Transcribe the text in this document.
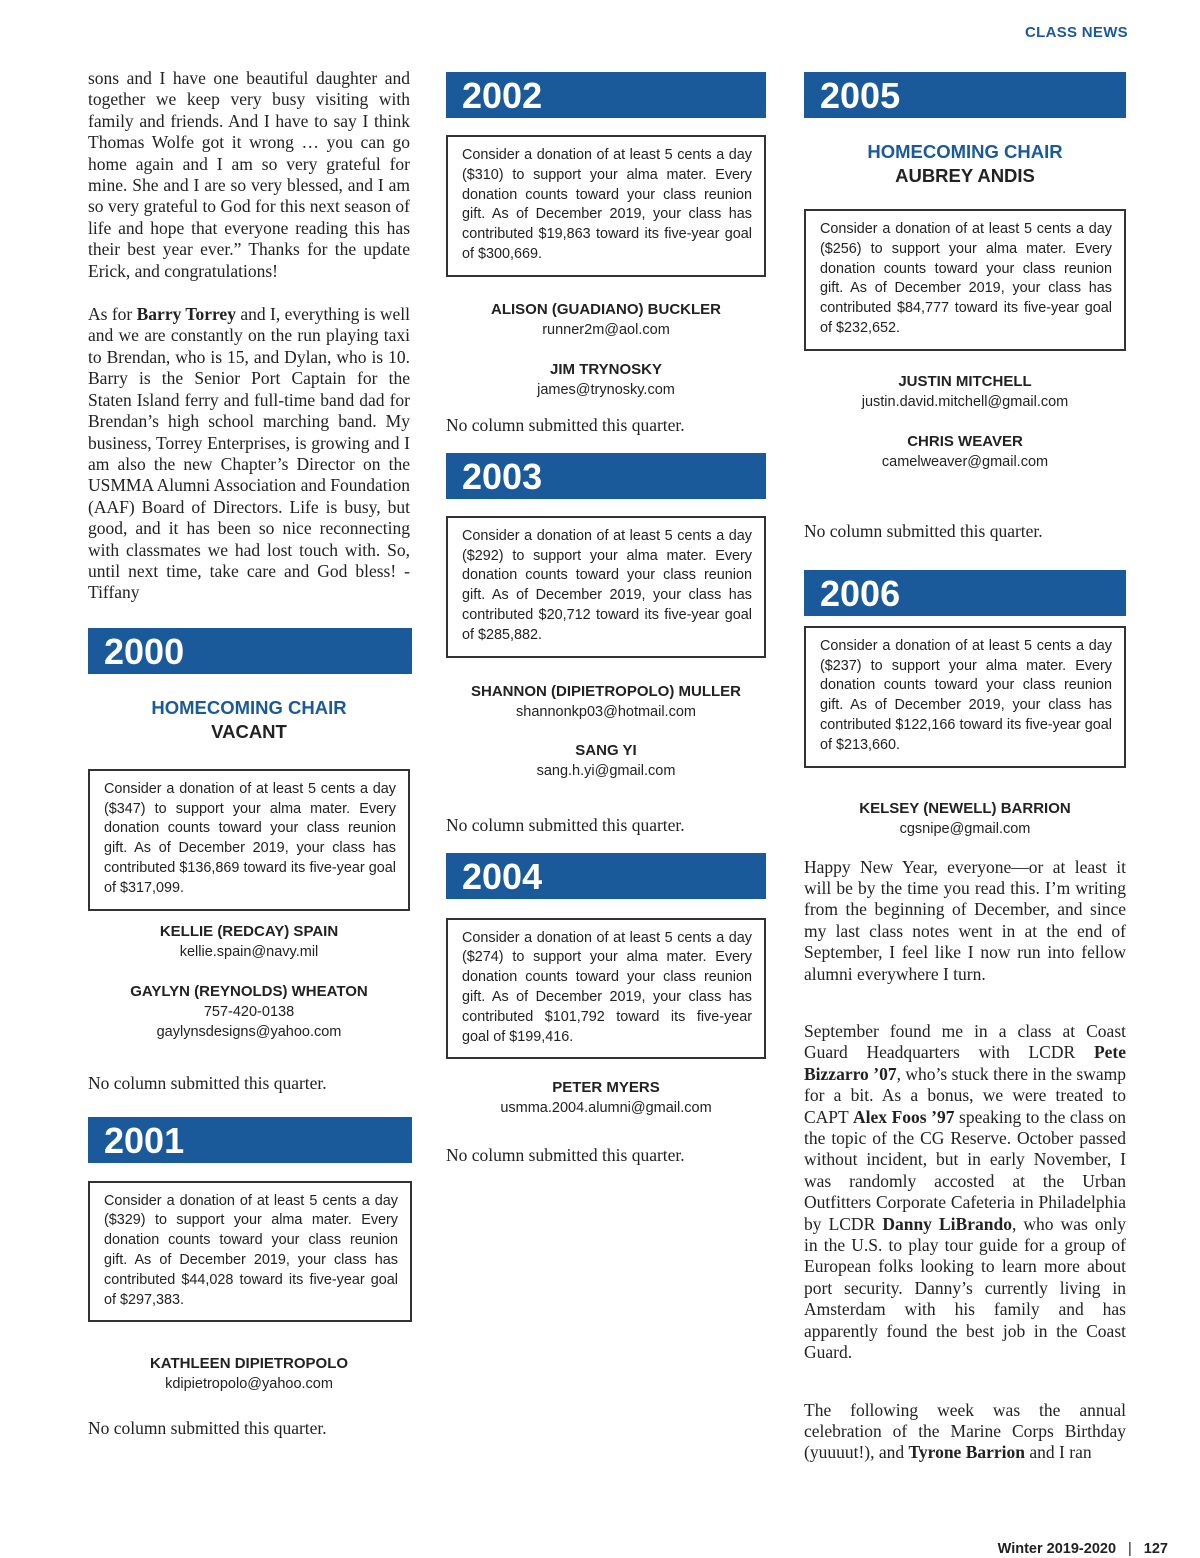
CLASS NEWS

sons and I have one beautiful daughter and together we keep very busy visiting with family and friends. And I have to say I think Thomas Wolfe got it wrong … you can go home again and I am so very grateful for mine. She and I are so very blessed, and I am so very grateful to God for this next season of life and hope that everyone reading this has their best year ever.” Thanks for the update Erick, and congratulations!

As for Barry Torrey and I, everything is well and we are constantly on the run playing taxi to Brendan, who is 15, and Dylan, who is 10. Barry is the Senior Port Captain for the Staten Island ferry and full-time band dad for Brendan’s high school marching band. My business, Torrey Enterprises, is growing and I am also the new Chapter’s Director on the USMMA Alumni Association and Foundation (AAF) Board of Directors. Life is busy, but good, and it has been so nice reconnecting with classmates we had lost touch with. So, until next time, take care and God bless! -Tiffany

2000
HOMECOMING CHAIR
VACANT
Consider a donation of at least 5 cents a day ($347) to support your alma mater. Every donation counts toward your class reunion gift. As of December 2019, your class has contributed $136,869 toward its five-year goal of $317,099.
KELLIE (REDCAY) SPAIN
kellie.spain@navy.mil
GAYLYN (REYNOLDS) WHEATON
757-420-0138
gaylynsdesigns@yahoo.com

No column submitted this quarter.

2001
Consider a donation of at least 5 cents a day ($329) to support your alma mater. Every donation counts toward your class reunion gift. As of December 2019, your class has contributed $44,028 toward its five-year goal of $297,383.
KATHLEEN DIPIETROPOLO
kdipietropolo@yahoo.com

No column submitted this quarter.

2002
Consider a donation of at least 5 cents a day ($310) to support your alma mater. Every donation counts toward your class reunion gift. As of December 2019, your class has contributed $19,863 toward its five-year goal of $300,669.
ALISON (GUADIANO) BUCKLER
runner2m@aol.com
JIM TRYNOSKY
james@trynosky.com

No column submitted this quarter.

2003
Consider a donation of at least 5 cents a day ($292) to support your alma mater. Every donation counts toward your class reunion gift. As of December 2019, your class has contributed $20,712 toward its five-year goal of $285,882.
SHANNON (DIPIETROPOLO) MULLER
shannonkp03@hotmail.com
SANG YI
sang.h.yi@gmail.com

No column submitted this quarter.

2004
Consider a donation of at least 5 cents a day ($274) to support your alma mater. Every donation counts toward your class reunion gift. As of December 2019, your class has contributed $101,792 toward its five-year goal of $199,416.
PETER MYERS
usmma.2004.alumni@gmail.com

No column submitted this quarter.

2005
HOMECOMING CHAIR
AUBREY ANDIS
Consider a donation of at least 5 cents a day ($256) to support your alma mater. Every donation counts toward your class reunion gift. As of December 2019, your class has contributed $84,777 toward its five-year goal of $232,652.
JUSTIN MITCHELL
justin.david.mitchell@gmail.com
CHRIS WEAVER
camelweaver@gmail.com

No column submitted this quarter.

2006
Consider a donation of at least 5 cents a day ($237) to support your alma mater. Every donation counts toward your class reunion gift. As of December 2019, your class has contributed $122,166 toward its five-year goal of $213,660.
KELSEY (NEWELL) BARRION
cgsnipe@gmail.com

Happy New Year, everyone—or at least it will be by the time you read this. I’m writing from the beginning of December, and since my last class notes went in at the end of September, I feel like I now run into fellow alumni everywhere I turn.

September found me in a class at Coast Guard Headquarters with LCDR Pete Bizzarro ’07, who’s stuck there in the swamp for a bit. As a bonus, we were treated to CAPT Alex Foos ’97 speaking to the class on the topic of the CG Reserve. October passed without incident, but in early November, I was randomly accosted at the Urban Outfitters Corporate Cafeteria in Philadelphia by LCDR Danny LiBrando, who was only in the U.S. to play tour guide for a group of European folks looking to learn more about port security. Danny’s currently living in Amsterdam with his family and has apparently found the best job in the Coast Guard.

The following week was the annual celebration of the Marine Corps Birthday (yuuuut!), and Tyrone Barrion and I ran

Winter 2019-2020 | 127
